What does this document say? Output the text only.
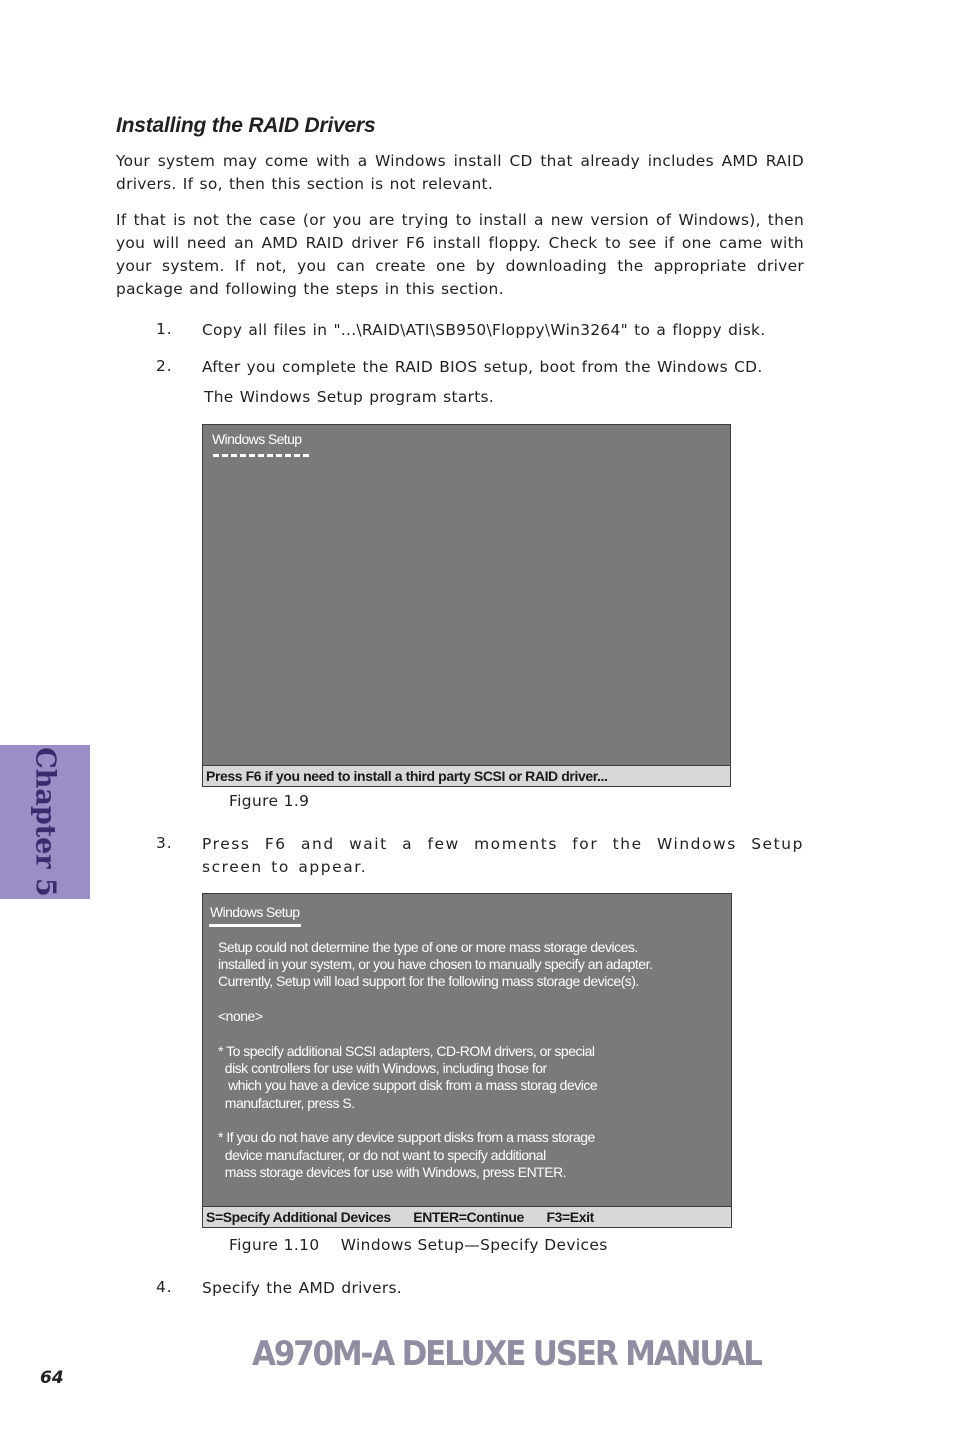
Installing the RAID Drivers
Your system may come with a Windows install CD that already includes AMD RAID drivers. If so, then this section is not relevant.
If that is not the case (or you are trying to install a new version of Windows), then you will need an AMD RAID driver F6 install floppy. Check to see if one came with your system. If not, you can create one by downloading the appropriate driver package and following the steps in this section.
1. Copy all files in "...\RAID\ATI\SB950\Floppy\Win3264" to a floppy disk.
2. After you complete the RAID BIOS setup, boot from the Windows CD.
The Windows Setup program starts.
Windows Setup
Press F6 if you need to install a third party SCSI or RAID driver...
Figure 1.9
3. Press F6 and wait a few moments for the Windows Setup screen to appear.
Windows Setup
Setup could not determine the type of one or more mass storage devices.
installed in your system, or you have chosen to manually specify an adapter.
Currently, Setup will load support for the following mass storage device(s).
<none>
* To specify additional SCSI adapters, CD-ROM drivers, or special
disk controllers for use with Windows, including those for
which you have a device support disk from a mass storag device
manufacturer, press S.
* If you do not have any device support disks from a mass storage
device manufacturer, or do not want to specify additional
mass storage devices for use with Windows, press ENTER.
S=Specify Additional Devices ENTER=Continue F3=Exit
Figure 1.10    Windows Setup—Specify Devices
4. Specify the AMD drivers.
Chapter 5
A970M-A DELUXE USER MANUAL
64
